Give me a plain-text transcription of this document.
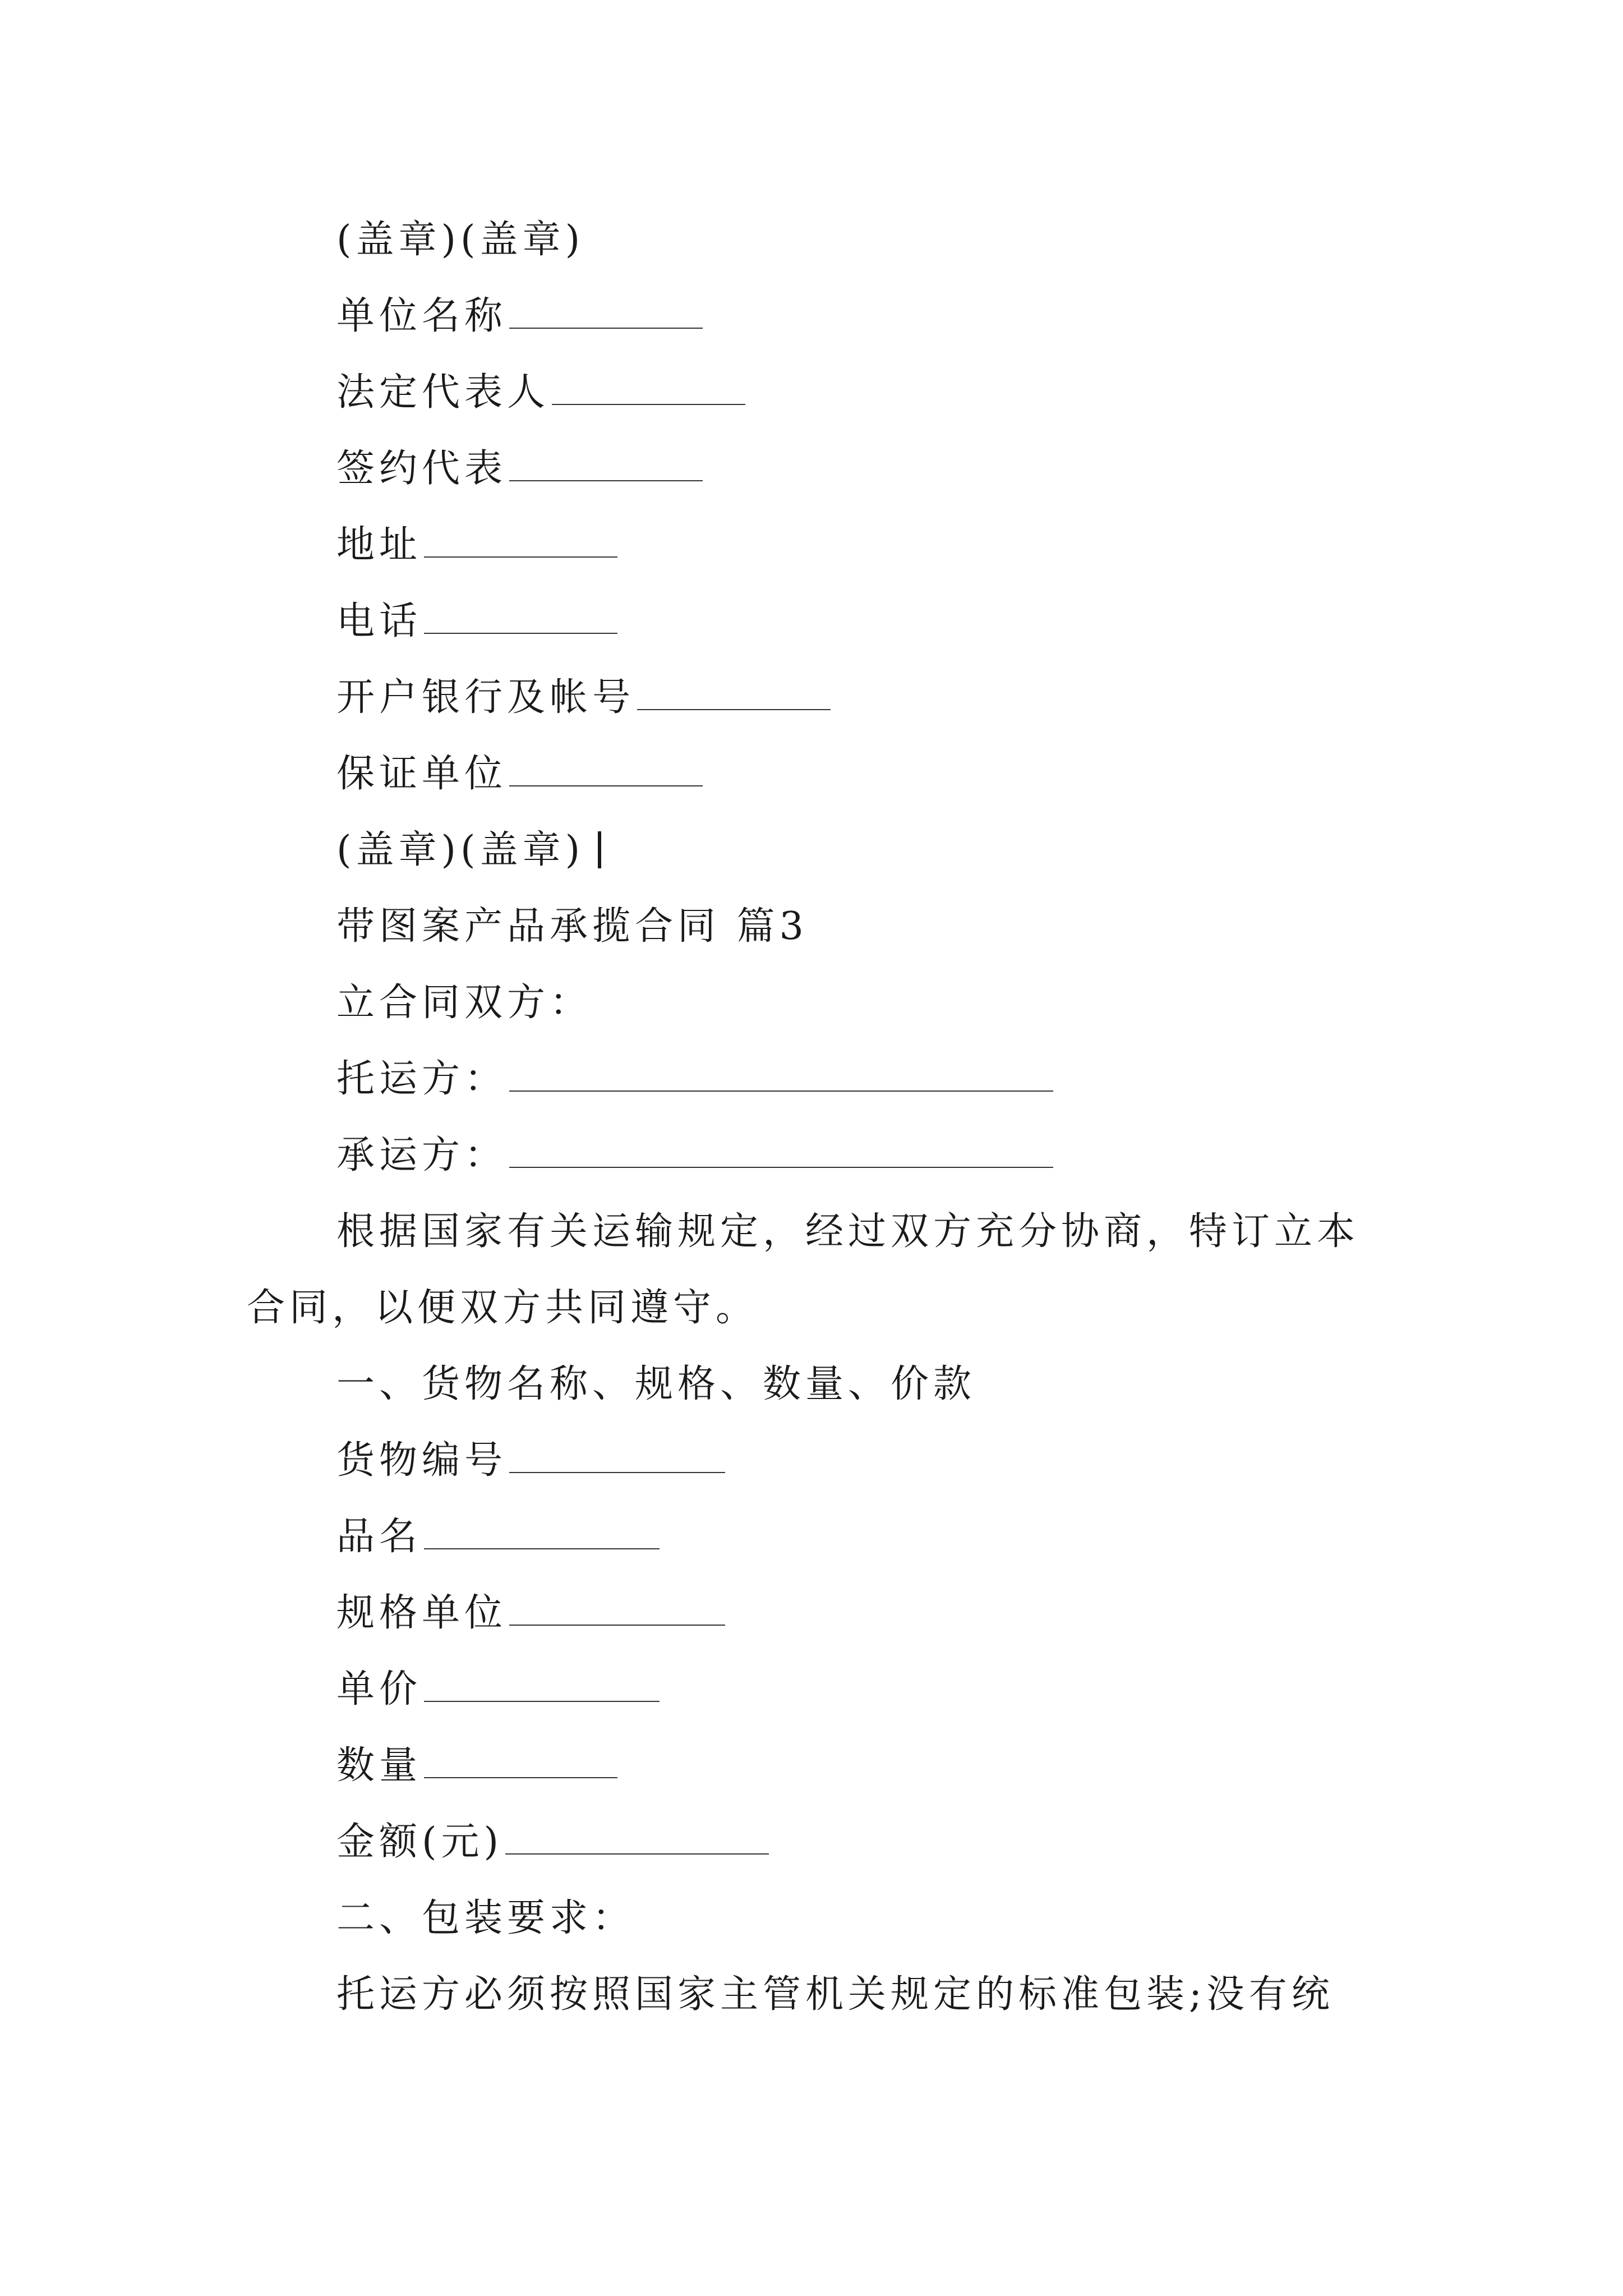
(盖章)(盖章)
单位名称
法定代表人
签约代表
地址
电话
开户银行及帐号
保证单位
(盖章)(盖章)
带图案产品承揽合同 篇3
立合同双方：
托运方：
承运方：
根据国家有关运输规定，经过双方充分协商，特订立本
合同，以便双方共同遵守。
一、货物名称、规格、数量、价款
货物编号
品名
规格单位
单价
数量
金额(元)
二、包装要求：
托运方必须按照国家主管机关规定的标准包装;没有统
